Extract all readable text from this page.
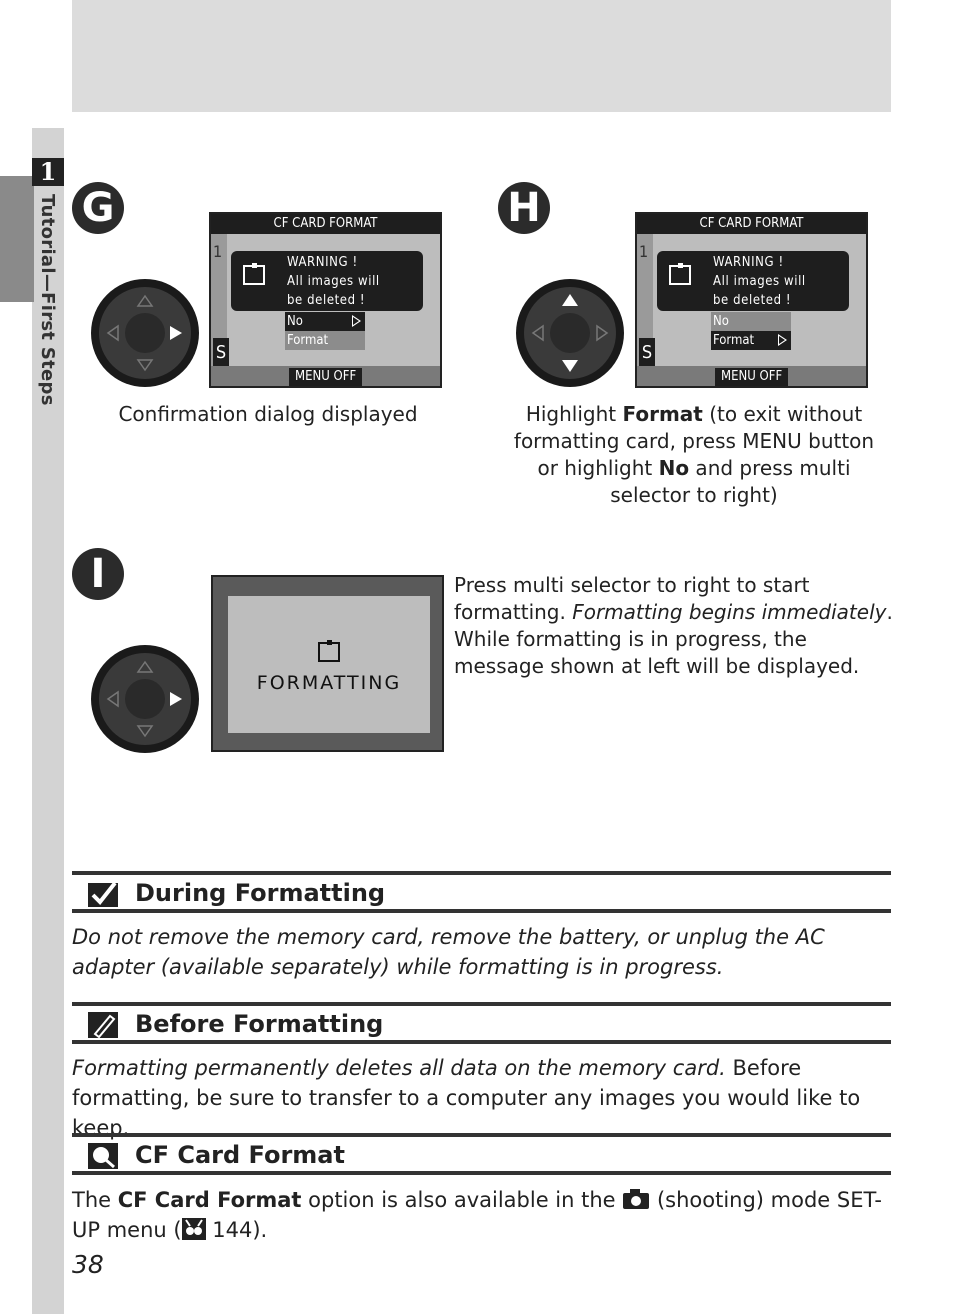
1
Tutorial—First Steps G	CF CARD FORMAT
1
S
WARNING !
All images will
be deleted !
No
Format
MENU OFF
Confirmation dialog displayed
H	CF CARD FORMAT
1
S
WARNING !
All images will
be deleted !
No
Format
MENU OFF
Highlight Format (to exit without formatting card, press MENU button or highlight No and press multi selector to right)
I
FORMATTING
Press multi selector to right to start formatting. Formatting begins immediately. While formatting is in progress, the message shown at left will be displayed.
During Formatting
Do not remove the memory card, remove the battery, or unplug the AC adapter (available separately) while formatting is in progress.
Before Formatting
Formatting permanently deletes all data on the memory card. Before formatting, be sure to transfer to a computer any images you would like to keep.
CF Card Format
The CF Card Format option is also available in the  (shooting) mode SET-UP menu ( 144).
38
